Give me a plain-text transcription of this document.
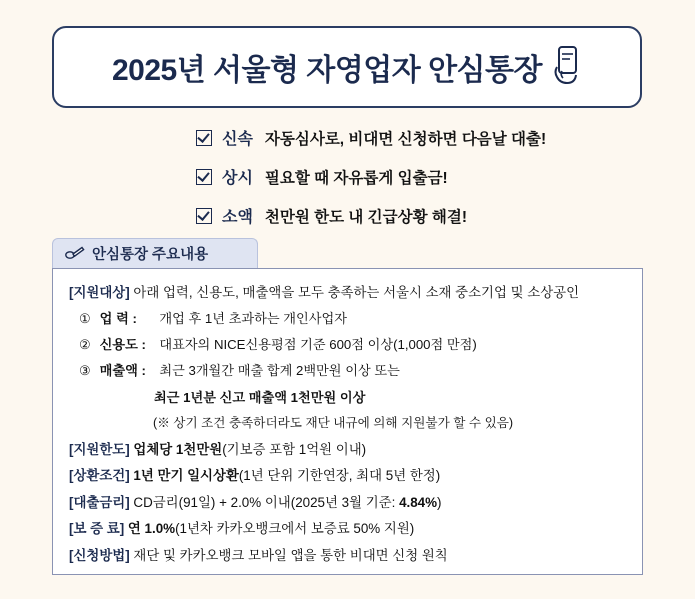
2025년 서울형 자영업자 안심통장
신속 자동심사로, 비대면 신청하면 다음날 대출!
상시 필요할 때 자유롭게 입출금!
소액 천만원 한도 내 긴급상황 해결!
안심통장 주요내용
[지원대상] 아래 업력, 신용도, 매출액을 모두 충족하는 서울시 소재 중소기업 및 소상공인
① 업 력 : 개업 후 1년 초과하는 개인사업자
② 신용도 : 대표자의 NICE신용평점 기준 600점 이상(1,000점 만점)
③ 매출액 : 최근 3개월간 매출 합계 2백만원 이상 또는
최근 1년분 신고 매출액 1천만원 이상
(※ 상기 조건 충족하더라도 재단 내규에 의해 지원불가 할 수 있음)
[지원한도] 업체당 1천만원(기보증 포함 1억원 이내)
[상환조건] 1년 만기 일시상환(1년 단위 기한연장, 최대 5년 한정)
[대출금리] CD금리(91일) + 2.0% 이내(2025년 3월 기준: 4.84%)
[보 증 료] 연 1.0%(1년차 카카오뱅크에서 보증료 50% 지원)
[신청방법] 재단 및 카카오뱅크 모바일 앱을 통한 비대면 신청 원칙
